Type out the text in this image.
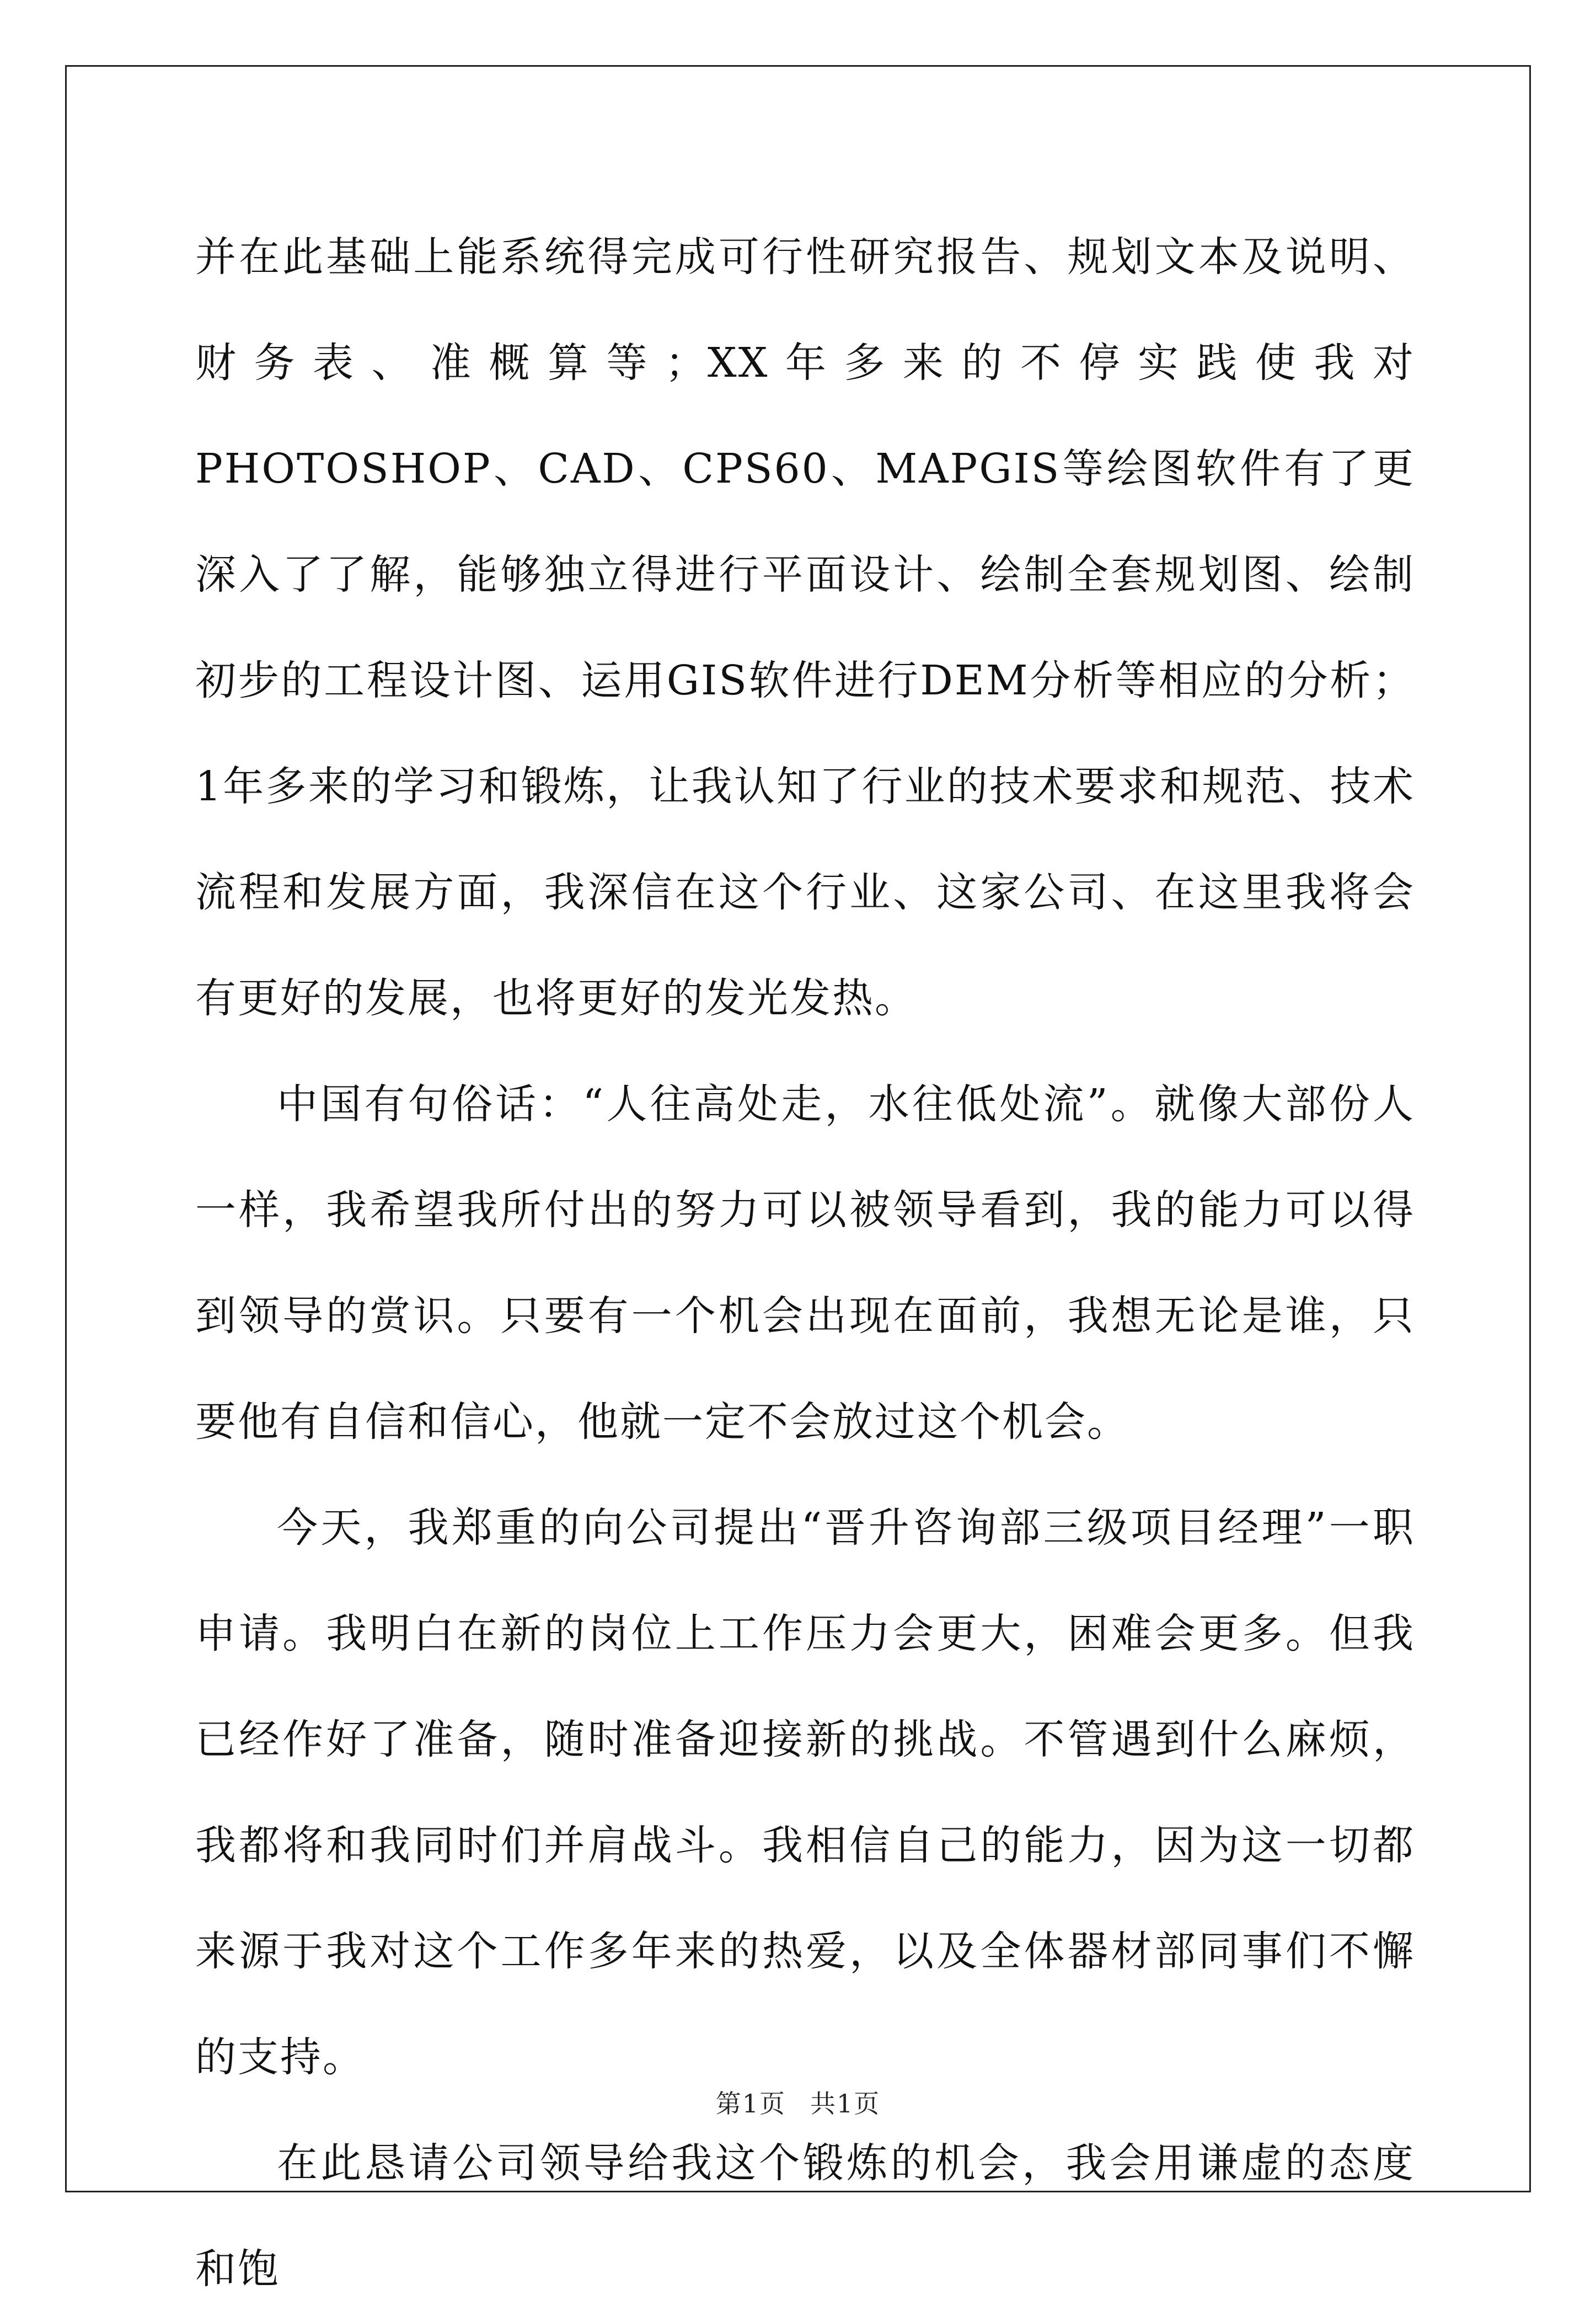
并在此基础上能系统得完成可行性研究报告、规划文本及说明、财务表、准概算等；XX年多来的不停实践使我对PHOTOSHOP、CAD、CPS60、MAPGIS等绘图软件有了更深入了了解，能够独立得进行平面设计、绘制全套规划图、绘制初步的工程设计图、运用GIS软件进行DEM分析等相应的分析；1年多来的学习和锻炼，让我认知了行业的技术要求和规范、技术流程和发展方面，我深信在这个行业、这家公司、在这里我将会有更好的发展，也将更好的发光发热。

中国有句俗话：“人往高处走，水往低处流”。就像大部份人一样，我希望我所付出的努力可以被领导看到，我的能力可以得到领导的赏识。只要有一个机会出现在面前，我想无论是谁，只要他有自信和信心，他就一定不会放过这个机会。

今天，我郑重的向公司提出“晋升咨询部三级项目经理”一职申请。我明白在新的岗位上工作压力会更大，困难会更多。但我已经作好了准备，随时准备迎接新的挑战。不管遇到什么麻烦，我都将和我同时们并肩战斗。我相信自己的能力，因为这一切都来源于我对这个工作多年来的热爱，以及全体器材部同事们不懈的支持。

在此恳请公司领导给我这个锻炼的机会，我会用谦虚的态度和饱

第1页 共1页
